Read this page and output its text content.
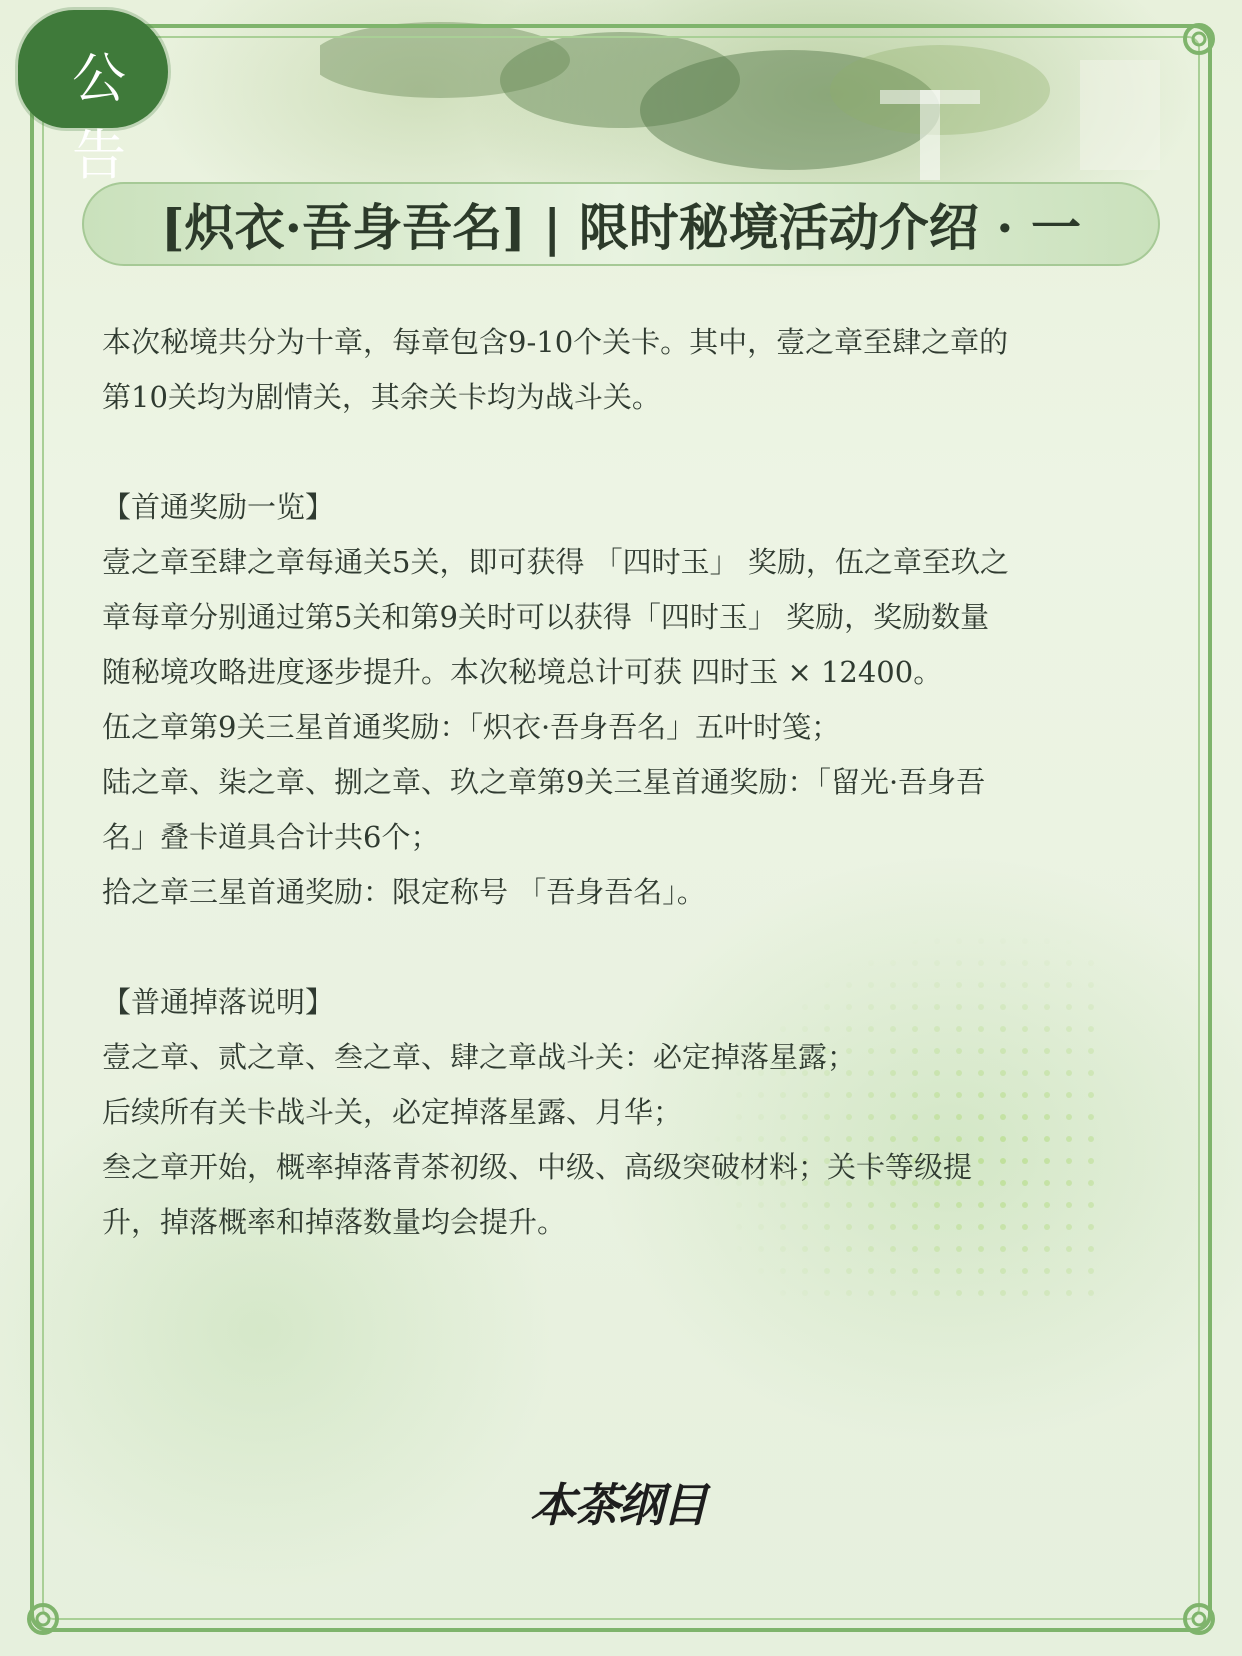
公告
[炽衣·吾身吾名] | 限时秘境活动介绍 · 一

本次秘境共分为十章，每章包含9-10个关卡。其中，壹之章至肆之章的

第10关均为剧情关，其余关卡均为战斗关。

【首通奖励一览】

壹之章至肆之章每通关5关，即可获得 「四时玉」 奖励，伍之章至玖之

章每章分别通过第5关和第9关时可以获得「四时玉」 奖励，奖励数量

随秘境攻略进度逐步提升。本次秘境总计可获 四时玉 × 12400。

伍之章第9关三星首通奖励：「炽衣·吾身吾名」五叶时笺；

陆之章、柒之章、捌之章、玖之章第9关三星首通奖励：「留光·吾身吾

名」叠卡道具合计共6个；

拾之章三星首通奖励：限定称号 「吾身吾名」。

【普通掉落说明】

壹之章、贰之章、叁之章、肆之章战斗关：必定掉落星露；

后续所有关卡战斗关，必定掉落星露、月华；

叁之章开始，概率掉落青茶初级、中级、高级突破材料；关卡等级提

升，掉落概率和掉落数量均会提升。

本茶纲目
